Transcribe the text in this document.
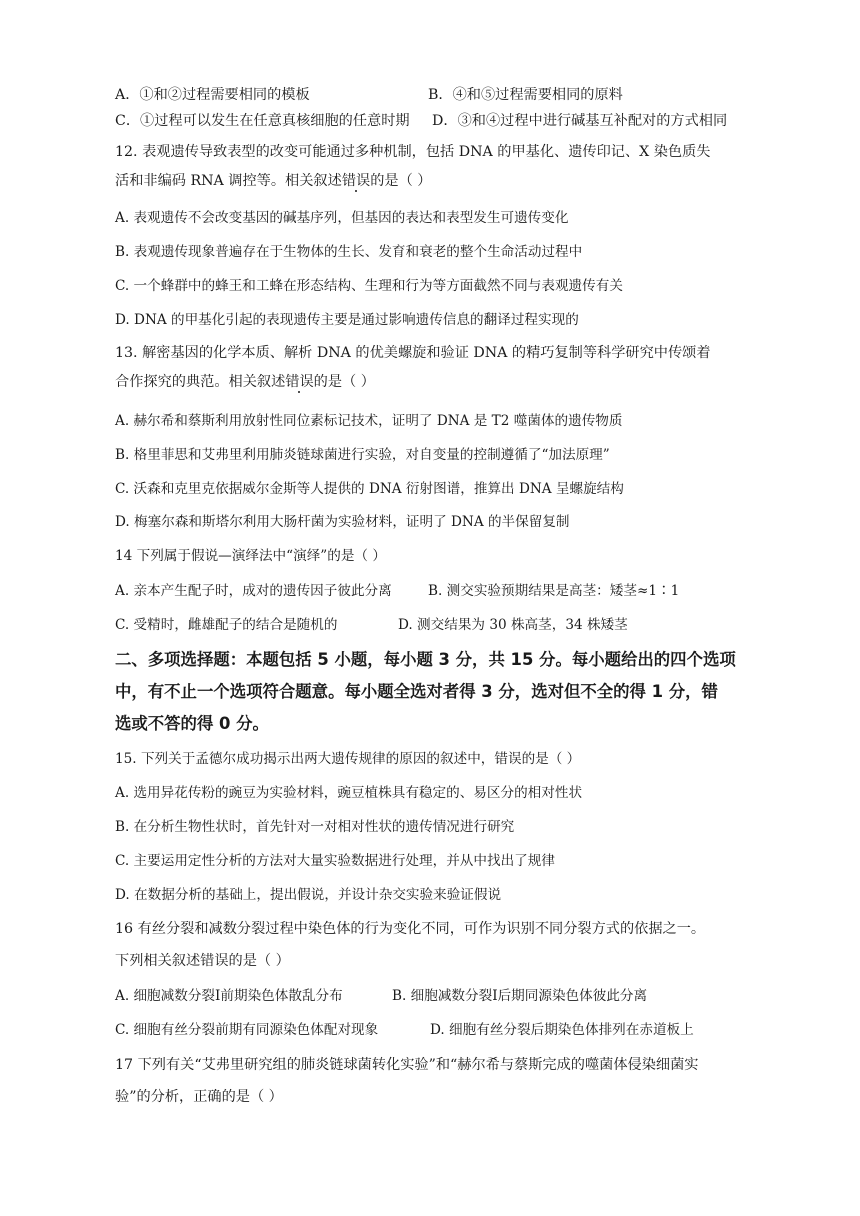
A．①和②过程需要相同的模板	B．④和⑤过程需要相同的原料
C．①过程可以发生在任意真核细胞的任意时期 D．③和④过程中进行碱基互补配对的方式相同
12. 表观遗传导致表型的改变可能通过多种机制，包括 DNA 的甲基化、遗传印记、X 染色质失
活和非编码 RNA 调控等。相关叙述错误的是（ ）
A. 表观遗传不会改变基因的碱基序列，但基因的表达和表型发生可遗传变化
B. 表观遗传现象普遍存在于生物体的生长、发育和衰老的整个生命活动过程中
C. 一个蜂群中的蜂王和工蜂在形态结构、生理和行为等方面截然不同与表观遗传有关
D. DNA 的甲基化引起的表现遗传主要是通过影响遗传信息的翻译过程实现的
13. 解密基因的化学本质、解析 DNA 的优美螺旋和验证 DNA 的精巧复制等科学研究中传颂着
合作探究的典范。相关叙述错误的是（ ）
A. 赫尔希和蔡斯利用放射性同位素标记技术，证明了 DNA 是 T2 噬菌体的遗传物质
B. 格里菲思和艾弗里利用肺炎链球菌进行实验，对自变量的控制遵循了“加法原理”
C. 沃森和克里克依据威尔金斯等人提供的 DNA 衍射图谱，推算出 DNA 呈螺旋结构
D. 梅塞尔森和斯塔尔利用大肠杆菌为实验材料，证明了 DNA 的半保留复制
14 下列属于假说—演绎法中“演绎”的是（ ）
A. 亲本产生配子时，成对的遗传因子彼此分离	B. 测交实验预期结果是高茎：矮茎≈1∶1
C. 受精时，雌雄配子的结合是随机的	D. 测交结果为 30 株高茎，34 株矮茎
二、多项选择题：本题包括 5 小题，每小题 3 分，共 15 分。每小题给出的四个选项
中，有不止一个选项符合题意。每小题全选对者得 3 分，选对但不全的得 1 分，错
选或不答的得 0 分。
15. 下列关于孟德尔成功揭示出两大遗传规律的原因的叙述中，错误的是（ ）
A. 选用异花传粉的豌豆为实验材料，豌豆植株具有稳定的、易区分的相对性状
B. 在分析生物性状时，首先针对一对相对性状的遗传情况进行研究
C. 主要运用定性分析的方法对大量实验数据进行处理，并从中找出了规律
D. 在数据分析的基础上，提出假说，并设计杂交实验来验证假说
16 有丝分裂和减数分裂过程中染色体的行为变化不同，可作为识别不同分裂方式的依据之一。
下列相关叙述错误的是（ ）
A. 细胞减数分裂Ⅰ前期染色体散乱分布	B. 细胞减数分裂Ⅰ后期同源染色体彼此分离
C. 细胞有丝分裂前期有同源染色体配对现象	D. 细胞有丝分裂后期染色体排列在赤道板上
17 下列有关“艾弗里研究组的肺炎链球菌转化实验”和“赫尔希与蔡斯完成的噬菌体侵染细菌实
验”的分析，正确的是（ ）
